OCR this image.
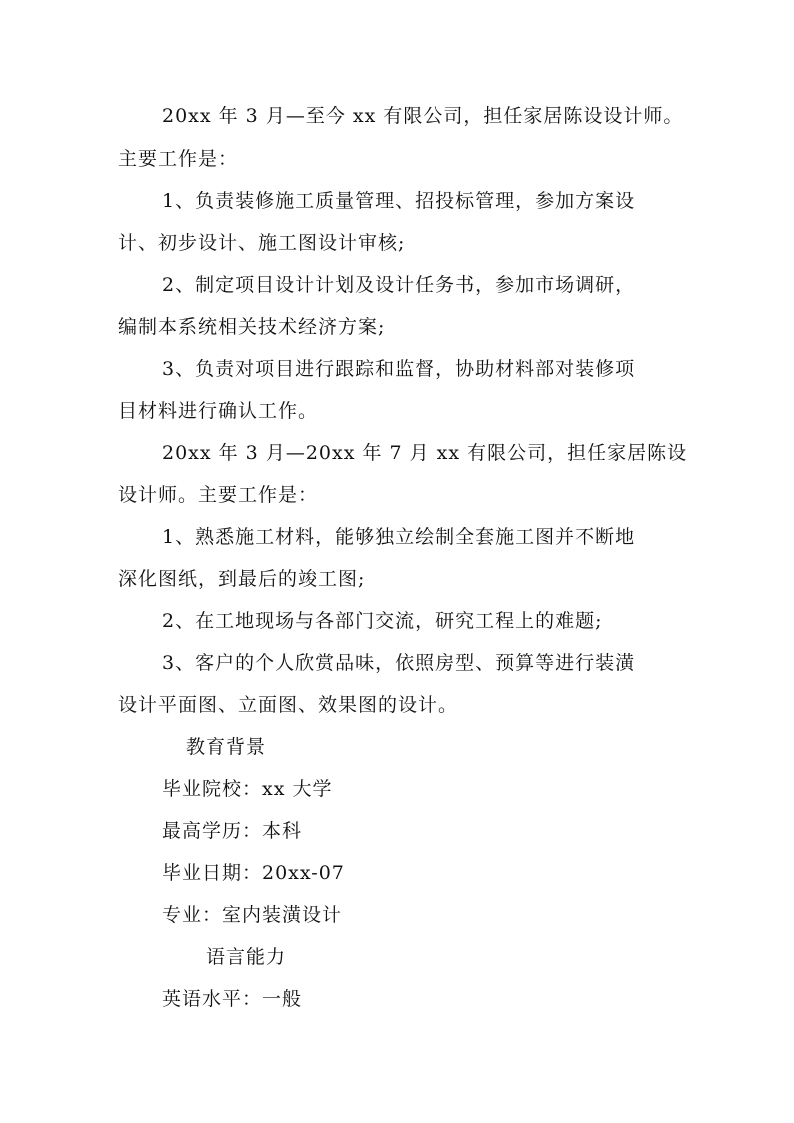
20xx 年 3 月—至今 xx 有限公司，担任家居陈设设计师。
主要工作是：
1、负责装修施工质量管理、招投标管理，参加方案设
计、初步设计、施工图设计审核;
2、制定项目设计计划及设计任务书，参加市场调研，
编制本系统相关技术经济方案;
3、负责对项目进行跟踪和监督，协助材料部对装修项
目材料进行确认工作。
20xx 年 3 月—20xx 年 7 月 xx 有限公司，担任家居陈设
设计师。主要工作是：
1、熟悉施工材料，能够独立绘制全套施工图并不断地
深化图纸，到最后的竣工图;
2、在工地现场与各部门交流，研究工程上的难题;
3、客户的个人欣赏品味，依照房型、预算等进行装潢
设计平面图、立面图、效果图的设计。
教育背景
毕业院校：xx 大学
最高学历：本科
毕业日期：20xx-07
专业：室内装潢设计
语言能力
英语水平：一般
